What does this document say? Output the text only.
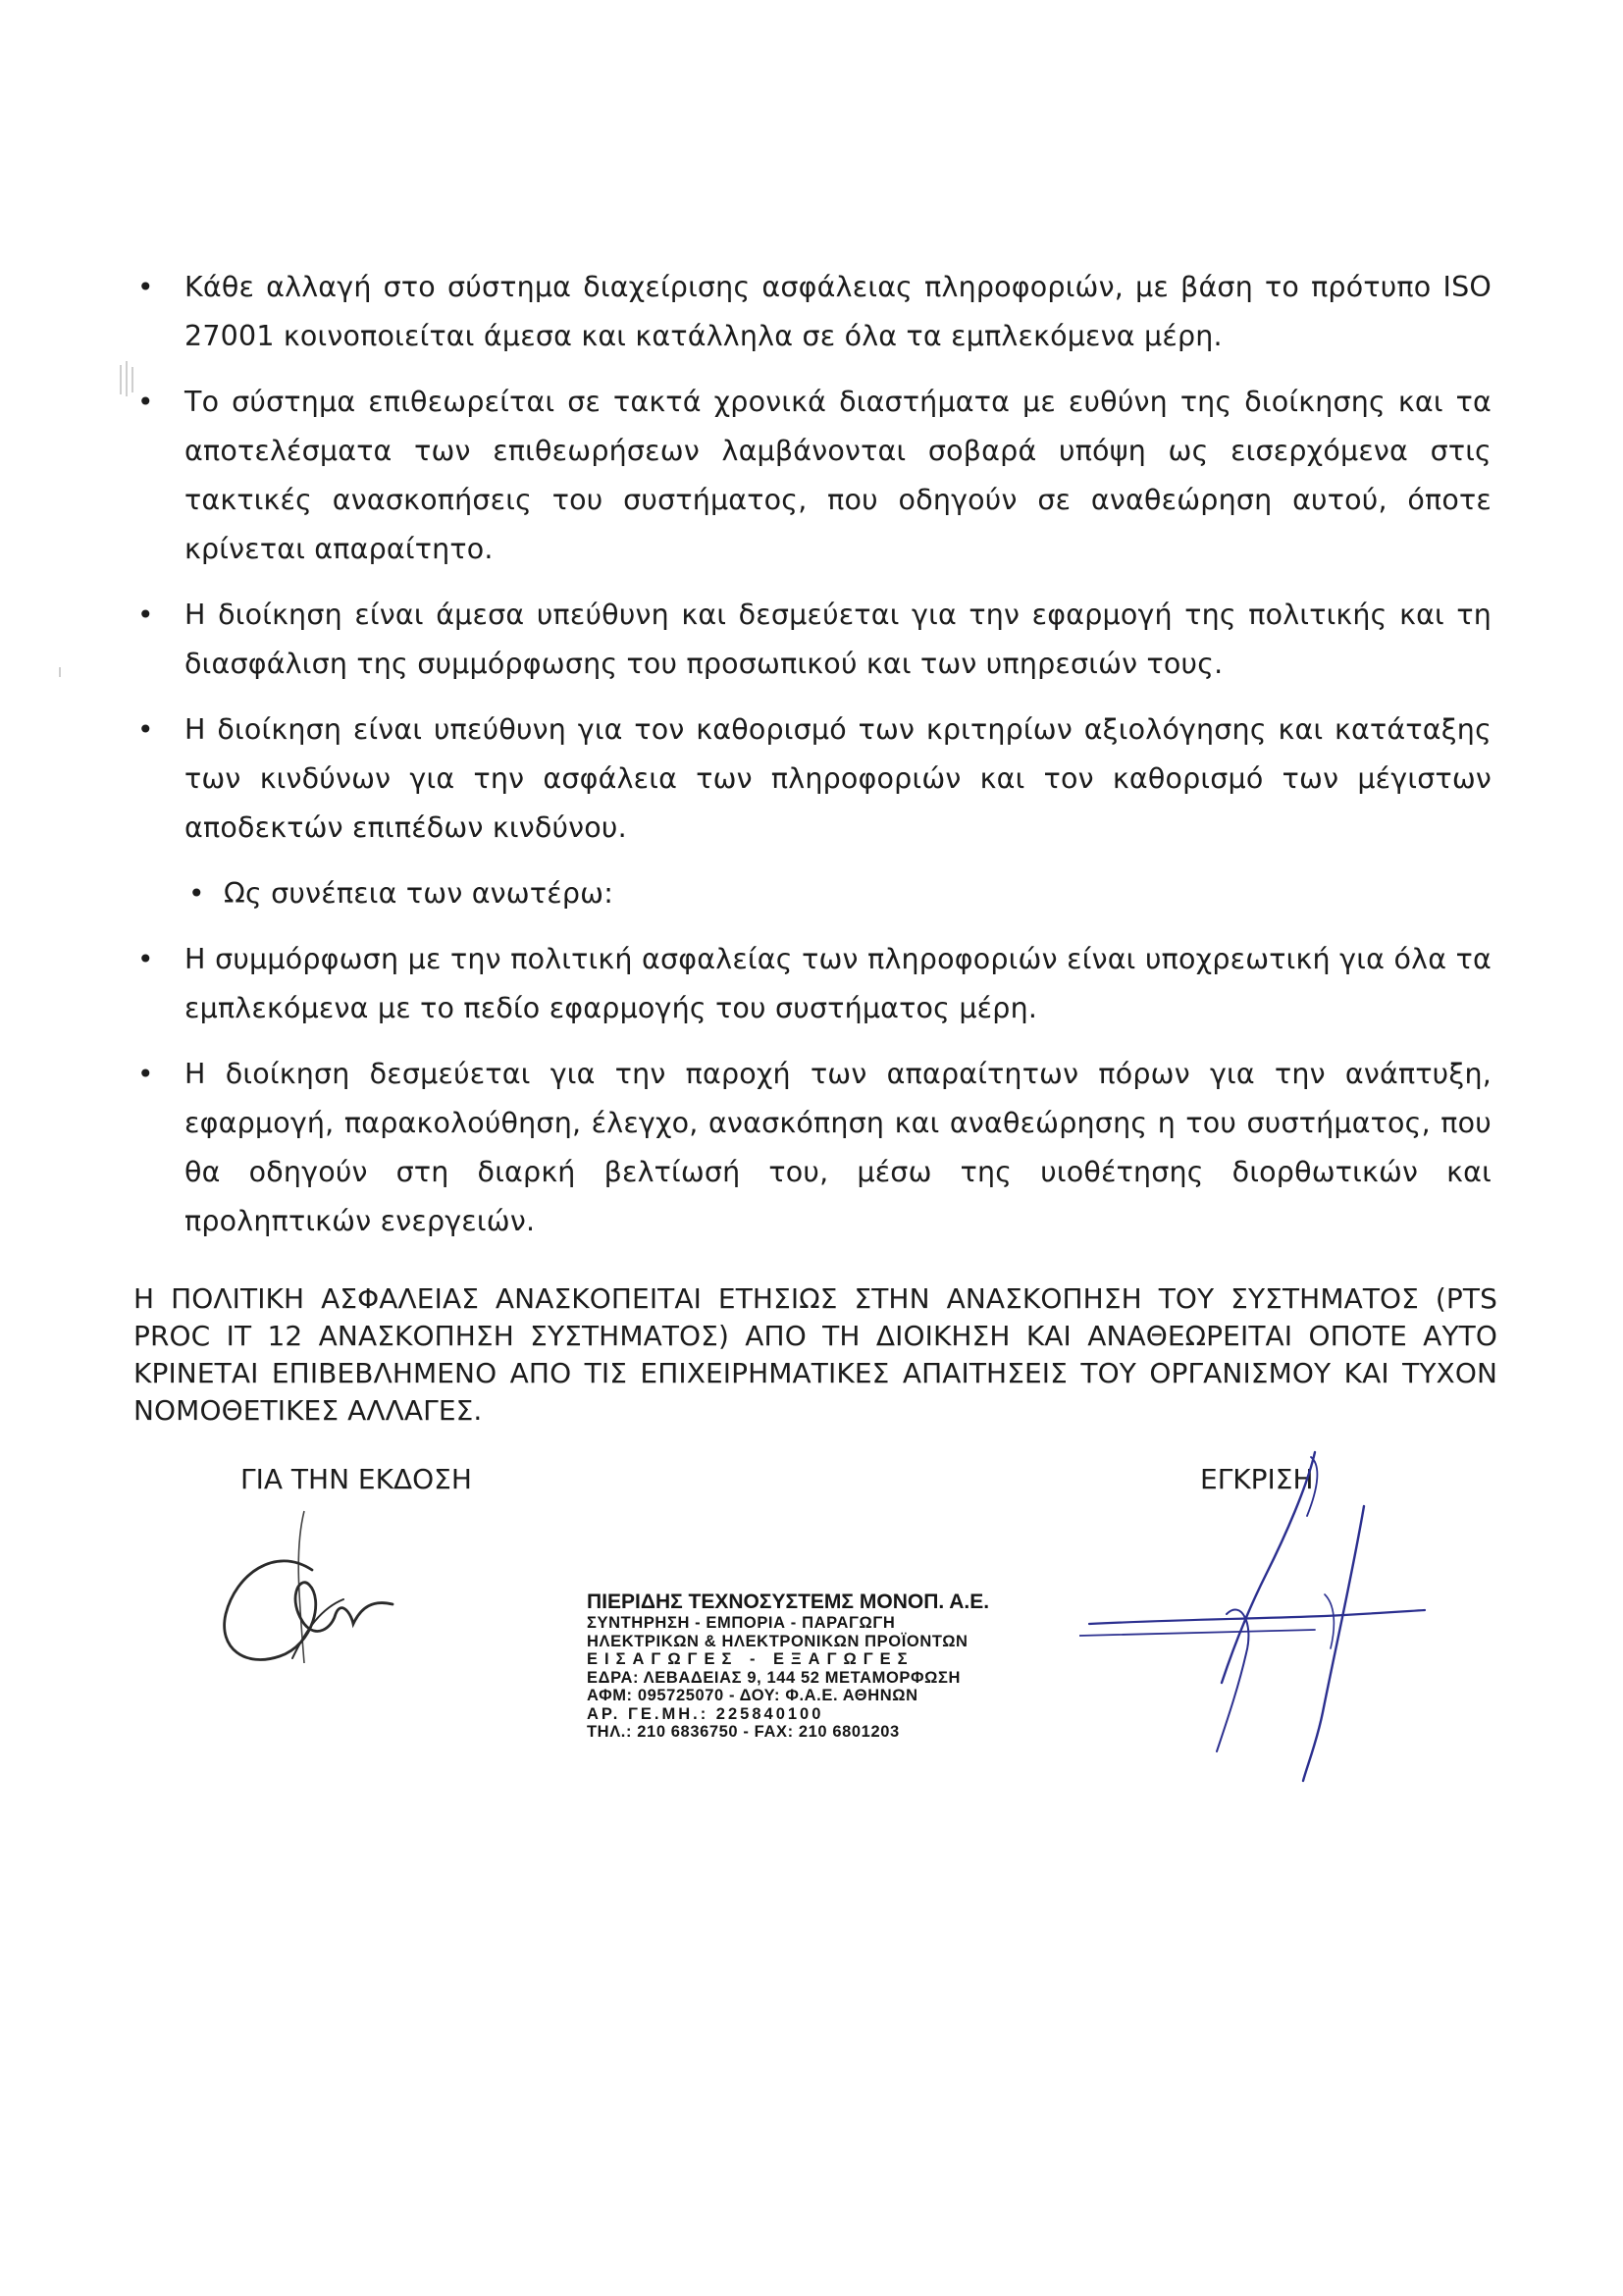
• Κάθε αλλαγή στο σύστημα διαχείρισης ασφάλειας πληροφοριών, με βάση το πρότυπο ISO 27001 κοινοποιείται άμεσα και κατάλληλα σε όλα τα εμπλεκόμενα μέρη.
• Το σύστημα επιθεωρείται σε τακτά χρονικά διαστήματα με ευθύνη της διοίκησης και τα αποτελέσματα των επιθεωρήσεων λαμβάνονται σοβαρά υπόψη ως εισερχόμενα στις τακτικές ανασκοπήσεις του συστήματος, που οδηγούν σε αναθεώρηση αυτού, όποτε κρίνεται απαραίτητο.
• Η διοίκηση είναι άμεσα υπεύθυνη και δεσμεύεται για την εφαρμογή της πολιτικής και τη διασφάλιση της συμμόρφωσης του προσωπικού και των υπηρεσιών τους.
• Η διοίκηση είναι υπεύθυνη για τον καθορισμό των κριτηρίων αξιολόγησης και κατάταξης των κινδύνων για την ασφάλεια των πληροφοριών και τον καθορισμό των μέγιστων αποδεκτών επιπέδων κινδύνου.
• Ως συνέπεια των ανωτέρω:
• Η συμμόρφωση με την πολιτική ασφαλείας των πληροφοριών είναι υποχρεωτική για όλα τα εμπλεκόμενα με το πεδίο εφαρμογής του συστήματος μέρη.
• Η διοίκηση δεσμεύεται για την παροχή των απαραίτητων πόρων για την ανάπτυξη, εφαρμογή, παρακολούθηση, έλεγχο, ανασκόπηση και αναθεώρησης η του συστήματος, που θα οδηγούν στη διαρκή βελτίωσή του, μέσω της υιοθέτησης διορθωτικών και προληπτικών ενεργειών.

Η ΠΟΛΙΤΙΚΗ ΑΣΦΑΛΕΙΑΣ ΑΝΑΣΚΟΠΕΙΤΑΙ ΕΤΗΣΙΩΣ ΣΤΗΝ ΑΝΑΣΚΟΠΗΣΗ ΤΟΥ ΣΥΣΤΗΜΑΤΟΣ (PTS PROC IT 12 ΑΝΑΣΚΟΠΗΣΗ ΣΥΣΤΗΜΑΤΟΣ) ΑΠΟ ΤΗ ΔΙΟΙΚΗΣΗ ΚΑΙ ΑΝΑΘΕΩΡΕΙΤΑΙ ΟΠΟΤΕ ΑΥΤΟ ΚΡΙΝΕΤΑΙ ΕΠΙΒΕΒΛΗΜΕΝΟ ΑΠΟ ΤΙΣ ΕΠΙΧΕΙΡΗΜΑΤΙΚΕΣ ΑΠΑΙΤΗΣΕΙΣ ΤΟΥ ΟΡΓΑΝΙΣΜΟΥ ΚΑΙ ΤΥΧΟΝ ΝΟΜΟΘΕΤΙΚΕΣ ΑΛΛΑΓΕΣ.

ΓΙΑ ΤΗΝ ΕΚΔΟΣΗ	ΕΓΚΡΙΣΗ
ΠΙΕΡΙΔΗΣ ΤΕΧΝΟΣΥΣΤΕΜΣ ΜΟΝΟΠ. Α.Ε.
ΣΥΝΤΗΡΗΣΗ - ΕΜΠΟΡΙΑ - ΠΑΡΑΓΩΓΗ
ΗΛΕΚΤΡΙΚΩΝ & ΗΛΕΚΤΡΟΝΙΚΩΝ ΠΡΟΪΟΝΤΩΝ
ΕΙΣΑΓΩΓΕΣ - ΕΞΑΓΩΓΕΣ
ΕΔΡΑ: ΛΕΒΑΔΕΙΑΣ 9, 144 52 ΜΕΤΑΜΟΡΦΩΣΗ
ΑΦΜ: 095725070 - ΔΟΥ: Φ.Α.Ε. ΑΘΗΝΩΝ
ΑΡ. ΓΕ.ΜΗ.: 225840100
ΤΗΛ.: 210 6836750 - FAX: 210 6801203
